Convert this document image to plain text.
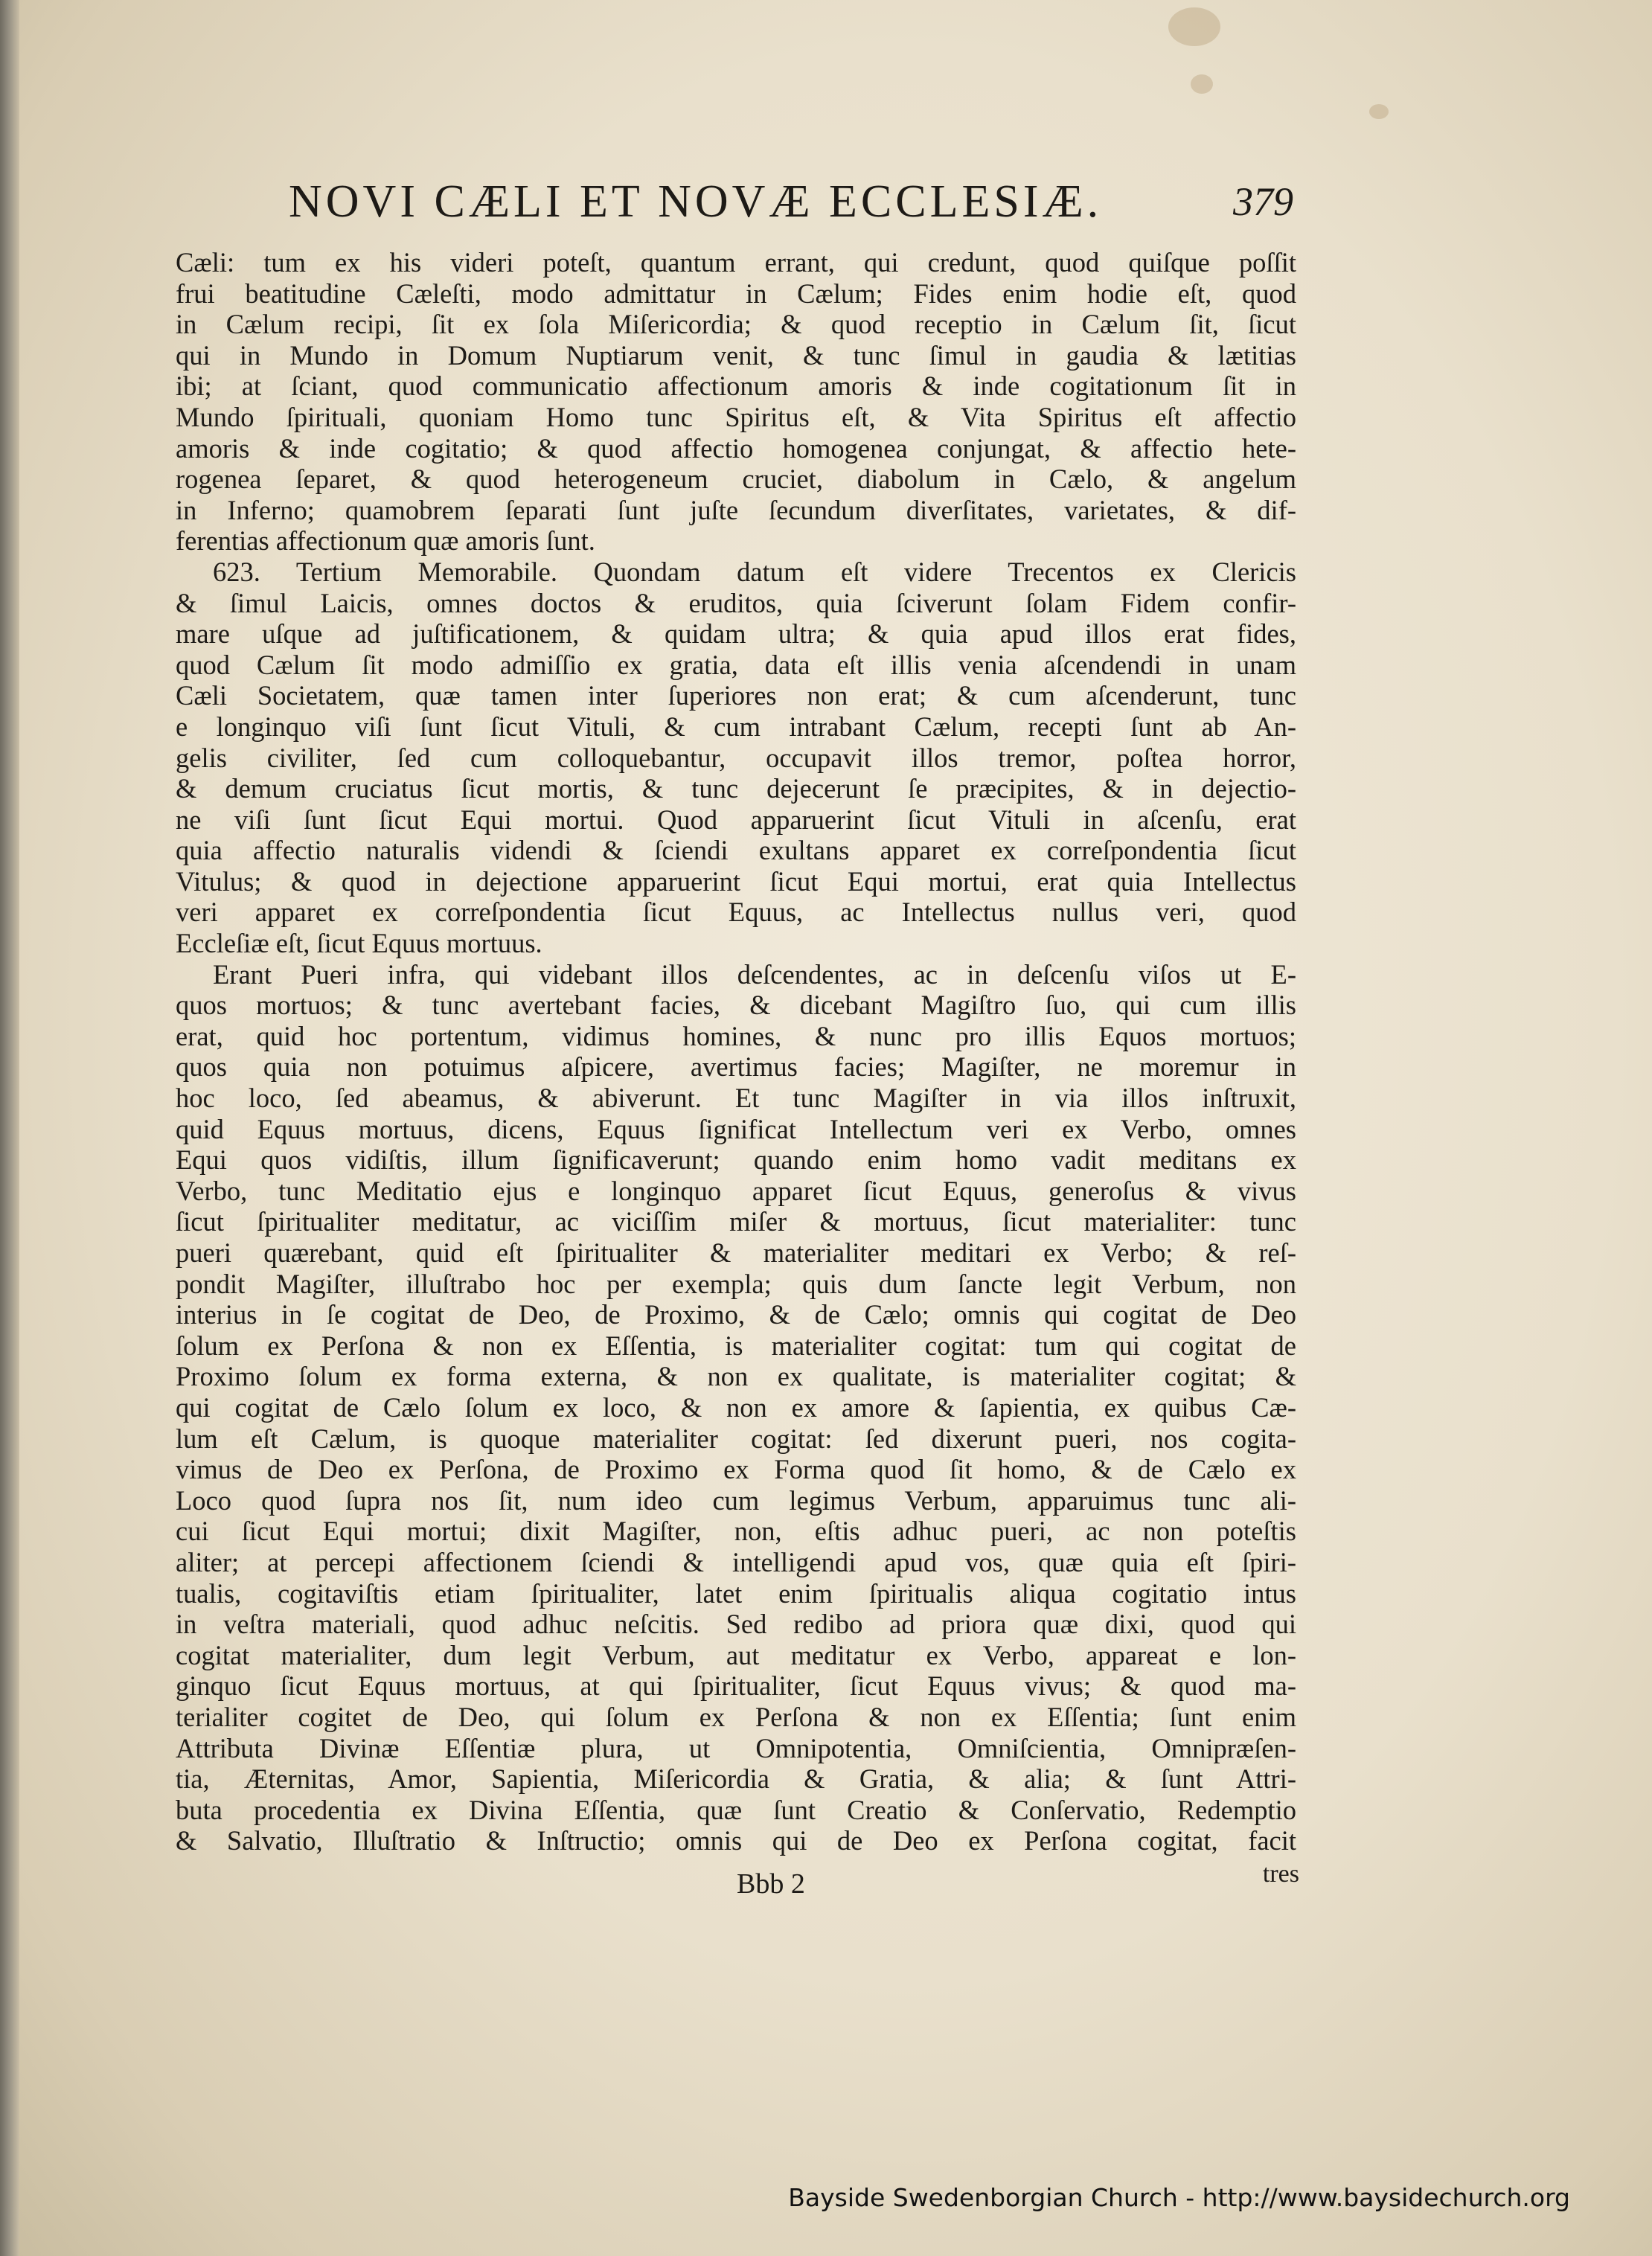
NOVI CÆLI ET NOVÆ ECCLESIÆ.	379
Cæli: tum ex his videri poteſt, quantum errant, qui credunt, quod quiſque poſſit
frui beatitudine Cæleſti, modo admittatur in Cælum; Fides enim hodie eſt, quod
in Cælum recipi, ſit ex ſola Miſericordia; & quod receptio in Cælum ſit, ſicut
qui in Mundo in Domum Nuptiarum venit, & tunc ſimul in gaudia & lætitias
ibi; at ſciant, quod communicatio affectionum amoris & inde cogitationum ſit in
Mundo ſpirituali, quoniam Homo tunc Spiritus eſt, & Vita Spiritus eſt affectio
amoris & inde cogitatio; & quod affectio homogenea conjungat, & affectio hete-
rogenea ſeparet, & quod heterogeneum cruciet, diabolum in Cælo, & angelum
in Inferno; quamobrem ſeparati ſunt juſte ſecundum diverſitates, varietates, & dif-
ferentias affectionum quæ amoris ſunt.
623. Tertium Memorabile. Quondam datum eſt videre Trecentos ex Clericis
& ſimul Laicis, omnes doctos & eruditos, quia ſciverunt ſolam Fidem confir-
mare uſque ad juſtificationem, & quidam ultra; & quia apud illos erat fides,
quod Cælum ſit modo admiſſio ex gratia, data eſt illis venia aſcendendi in unam
Cæli Societatem, quæ tamen inter ſuperiores non erat; & cum aſcenderunt, tunc
e longinquo viſi ſunt ſicut Vituli, & cum intrabant Cælum, recepti ſunt ab An-
gelis civiliter, ſed cum colloquebantur, occupavit illos tremor, poſtea horror,
& demum cruciatus ſicut mortis, & tunc dejecerunt ſe præcipites, & in dejectio-
ne viſi ſunt ſicut Equi mortui. Quod apparuerint ſicut Vituli in aſcenſu, erat
quia affectio naturalis videndi & ſciendi exultans apparet ex correſpondentia ſicut
Vitulus; & quod in dejectione apparuerint ſicut Equi mortui, erat quia Intellectus
veri apparet ex correſpondentia ſicut Equus, ac Intellectus nullus veri, quod
Eccleſiæ eſt, ſicut Equus mortuus.
Erant Pueri infra, qui videbant illos deſcendentes, ac in deſcenſu viſos ut E-
quos mortuos; & tunc avertebant facies, & dicebant Magiſtro ſuo, qui cum illis
erat, quid hoc portentum, vidimus homines, & nunc pro illis Equos mortuos;
quos quia non potuimus aſpicere, avertimus facies; Magiſter, ne moremur in
hoc loco, ſed abeamus, & abiverunt. Et tunc Magiſter in via illos inſtruxit,
quid Equus mortuus, dicens, Equus ſignificat Intellectum veri ex Verbo, omnes
Equi quos vidiſtis, illum ſignificaverunt; quando enim homo vadit meditans ex
Verbo, tunc Meditatio ejus e longinquo apparet ſicut Equus, generoſus & vivus
ſicut ſpiritualiter meditatur, ac viciſſim miſer & mortuus, ſicut materialiter: tunc
pueri quærebant, quid eſt ſpiritualiter & materialiter meditari ex Verbo; & reſ-
pondit Magiſter, illuſtrabo hoc per exempla; quis dum ſancte legit Verbum, non
interius in ſe cogitat de Deo, de Proximo, & de Cælo; omnis qui cogitat de Deo
ſolum ex Perſona & non ex Eſſentia, is materialiter cogitat: tum qui cogitat de
Proximo ſolum ex forma externa, & non ex qualitate, is materialiter cogitat; &
qui cogitat de Cælo ſolum ex loco, & non ex amore & ſapientia, ex quibus Cæ-
lum eſt Cælum, is quoque materialiter cogitat: ſed dixerunt pueri, nos cogita-
vimus de Deo ex Perſona, de Proximo ex Forma quod ſit homo, & de Cælo ex
Loco quod ſupra nos ſit, num ideo cum legimus Verbum, apparuimus tunc ali-
cui ſicut Equi mortui; dixit Magiſter, non, eſtis adhuc pueri, ac non poteſtis
aliter; at percepi affectionem ſciendi & intelligendi apud vos, quæ quia eſt ſpiri-
tualis, cogitaviſtis etiam ſpiritualiter, latet enim ſpiritualis aliqua cogitatio intus
in veſtra materiali, quod adhuc neſcitis. Sed redibo ad priora quæ dixi, quod qui
cogitat materialiter, dum legit Verbum, aut meditatur ex Verbo, appareat e lon-
ginquo ſicut Equus mortuus, at qui ſpiritualiter, ſicut Equus vivus; & quod ma-
terialiter cogitet de Deo, qui ſolum ex Perſona & non ex Eſſentia; ſunt enim
Attributa Divinæ Eſſentiæ plura, ut Omnipotentia, Omniſcientia, Omnipræſen-
tia, Æternitas, Amor, Sapientia, Miſericordia & Gratia, & alia; & ſunt Attri-
buta procedentia ex Divina Eſſentia, quæ ſunt Creatio & Conſervatio, Redemptio
& Salvatio, Illuſtratio & Inſtructio; omnis qui de Deo ex Perſona cogitat, facit
Bbb 2	tres
Bayside Swedenborgian Church - http://www.baysidechurch.org
